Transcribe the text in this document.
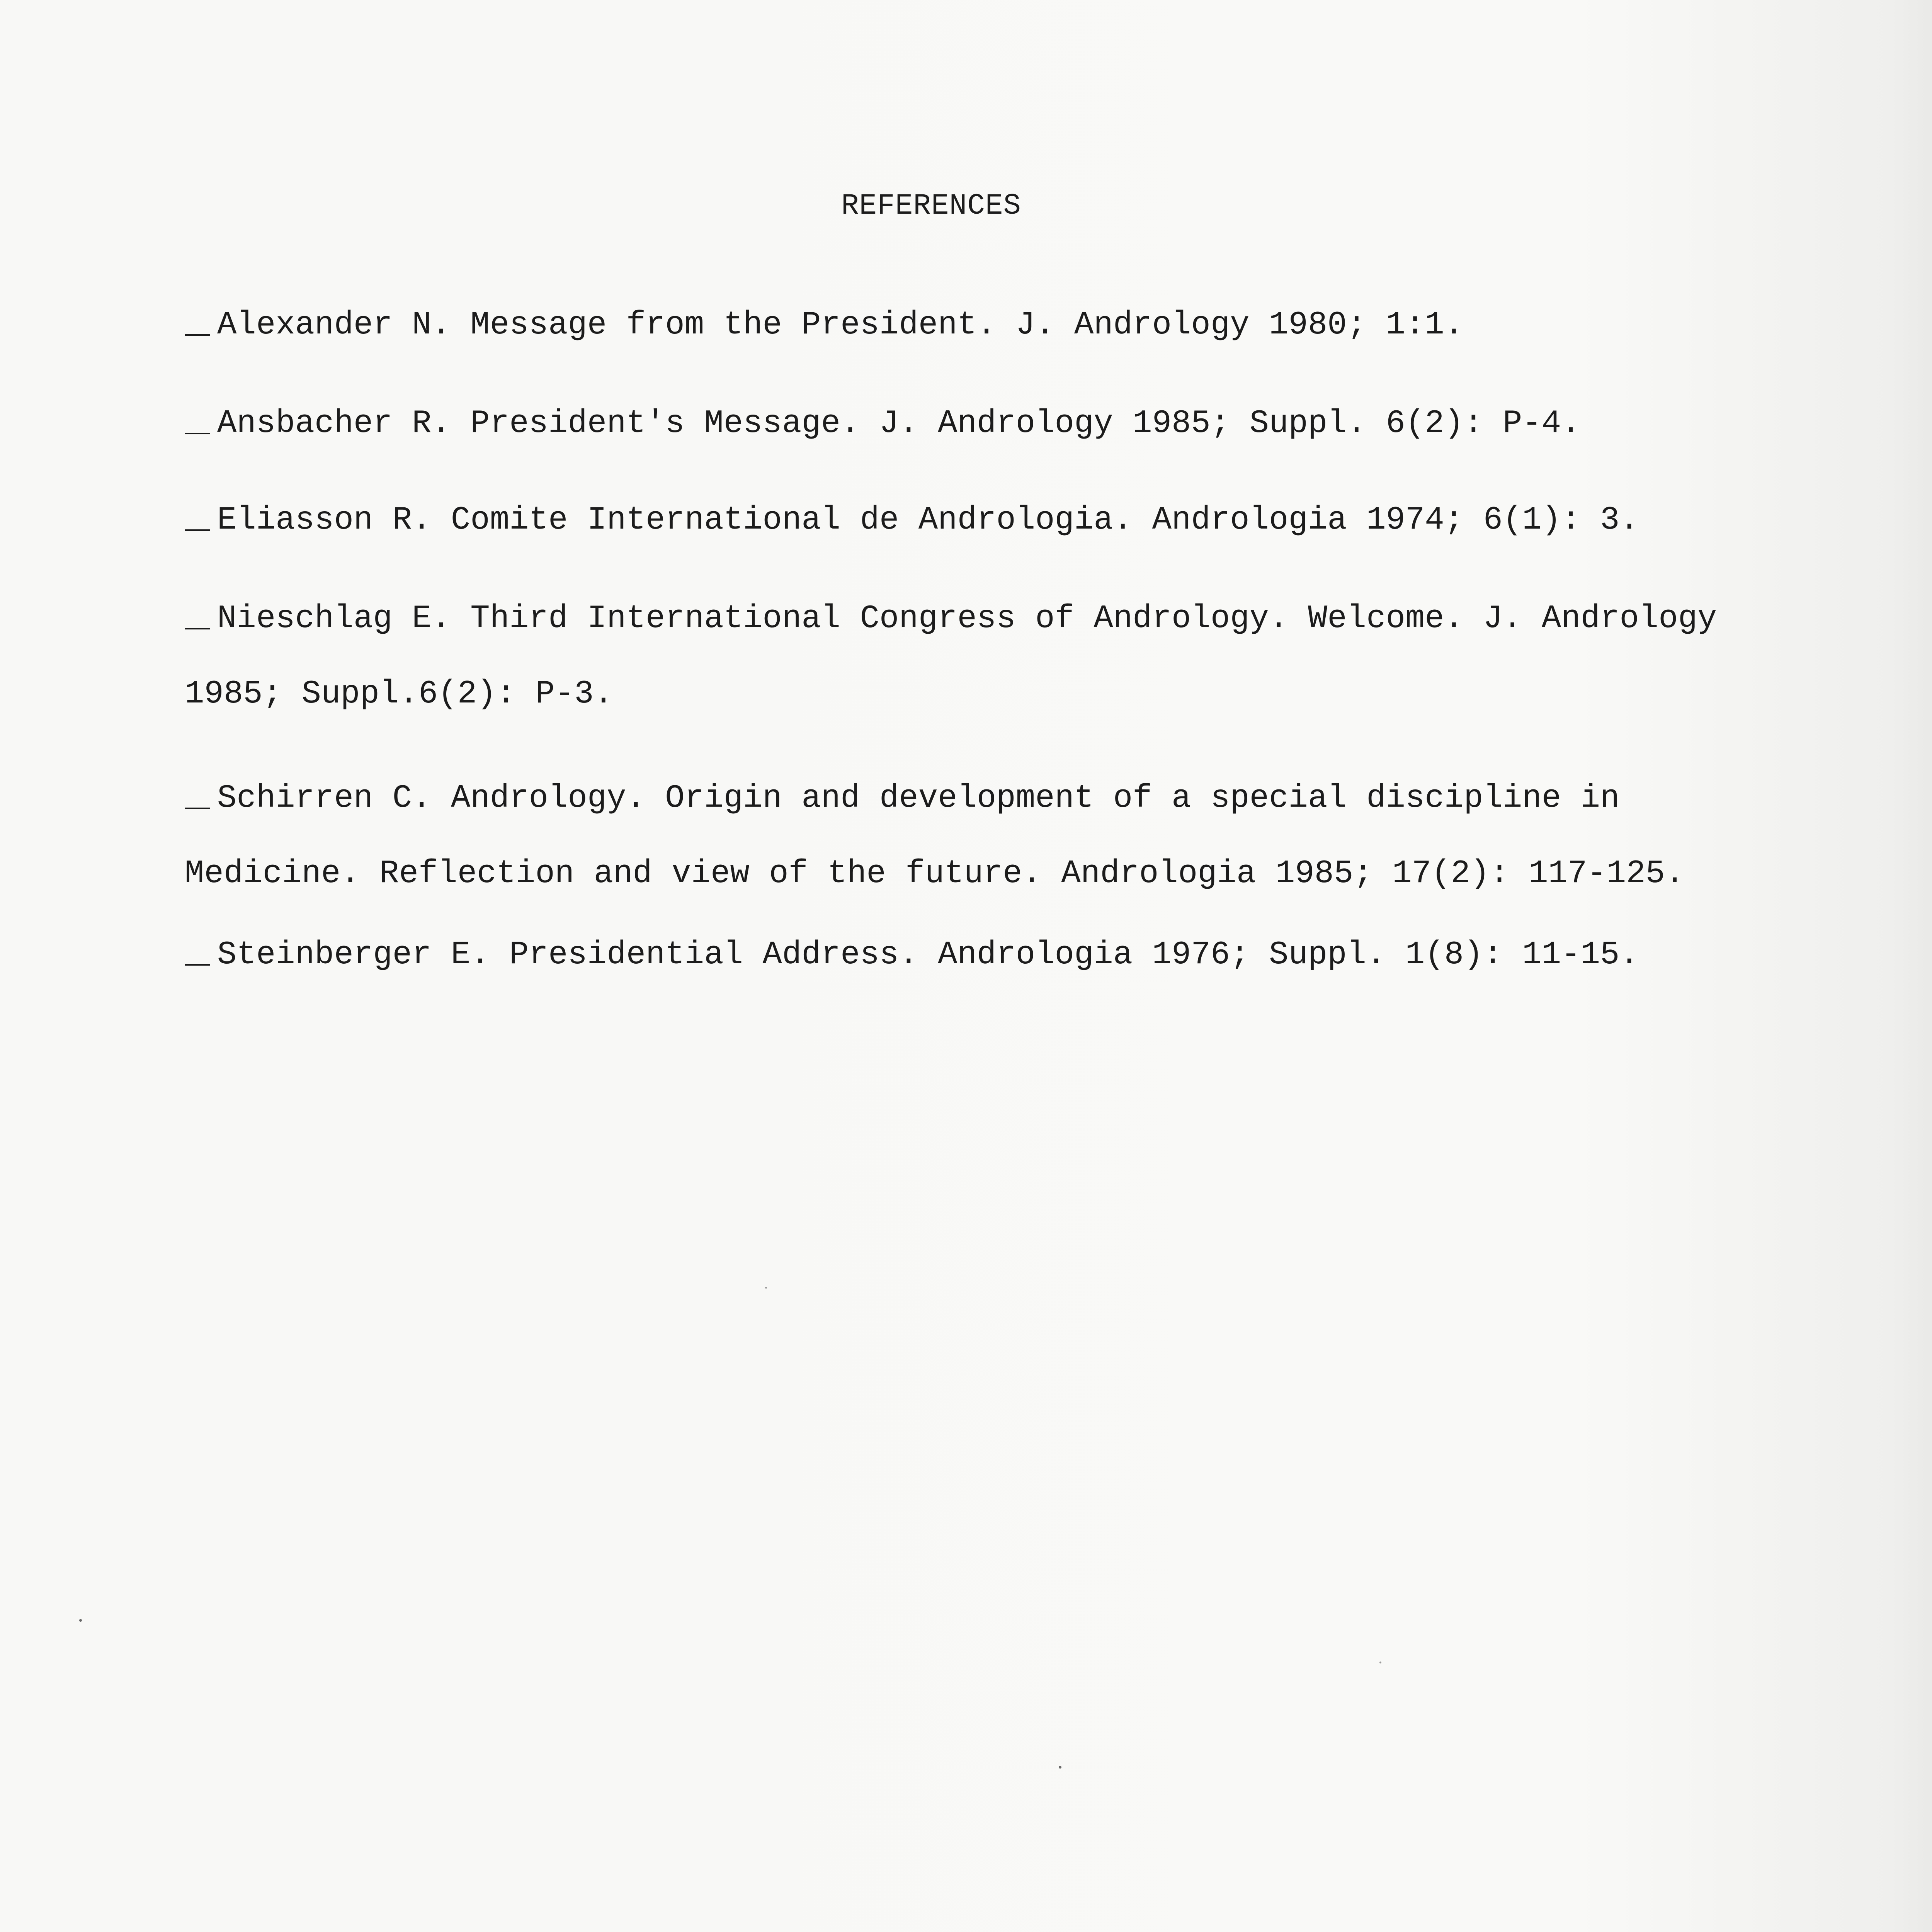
REFERENCES
Alexander N. Message from the President. J. Andrology 1980; 1:1.
Ansbacher R. President's Message. J. Andrology 1985; Suppl. 6(2): P-4.
Eliasson R. Comite International de Andrologia. Andrologia 1974; 6(1): 3.
Nieschlag E. Third International Congress of Andrology. Welcome. J. Andrology
1985; Suppl.6(2): P-3.
Schirren C. Andrology. Origin and development of a special discipline in
Medicine. Reflection and view of the future. Andrologia 1985; 17(2): 117-125.
Steinberger E. Presidential Address. Andrologia 1976; Suppl. 1(8): 11-15.
